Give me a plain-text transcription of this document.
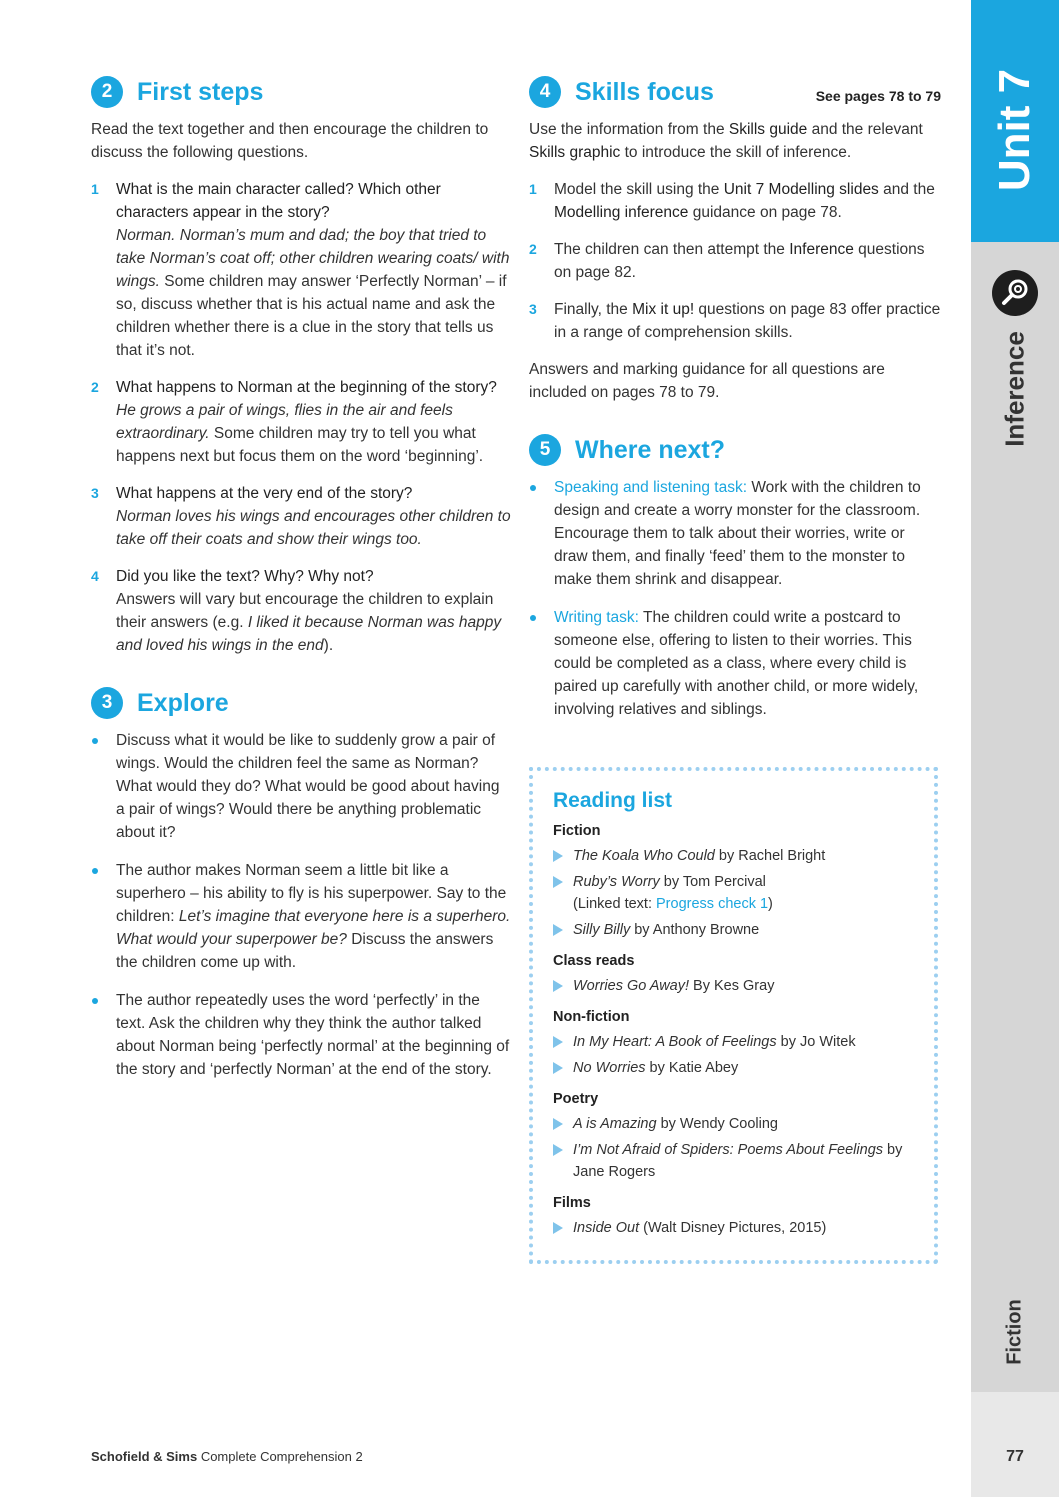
Unit 7
Inference
Fiction
77
2 First steps

Read the text together and then encourage the children to discuss the following questions.

1	What is the main character called? Which other characters appear in the story?
Norman. Norman’s mum and dad; the boy that tried to take Norman’s coat off; other children wearing coats/ with wings. Some children may answer ‘Perfectly Norman’ – if so, discuss whether that is his actual name and ask the children whether there is a clue in the story that tells us that it’s not.
2	What happens to Norman at the beginning of the story?
He grows a pair of wings, flies in the air and feels extraordinary. Some children may try to tell you what happens next but focus them on the word ‘beginning’.
3	What happens at the very end of the story?
Norman loves his wings and encourages other children to take off their coats and show their wings too.
4	Did you like the text? Why? Why not?
Answers will vary but encourage the children to explain their answers (e.g. I liked it because Norman was happy and loved his wings in the end).
3 Explore
Discuss what it would be like to suddenly grow a pair of wings. Would the children feel the same as Norman? What would they do? What would be good about having a pair of wings? Would there be anything problematic about it?
The author makes Norman seem a little bit like a superhero – his ability to fly is his superpower. Say to the children: Let’s imagine that everyone here is a superhero. What would your superpower be? Discuss the answers the children come up with.
The author repeatedly uses the word ‘perfectly’ in the text. Ask the children why they think the author talked about Norman being ‘perfectly normal’ at the beginning of the story and ‘perfectly Norman’ at the end of the story.
4 Skills focus	See pages 78 to 79

Use the information from the Skills guide and the relevant Skills graphic to introduce the skill of inference.

1	Model the skill using the Unit 7 Modelling slides and the Modelling inference guidance on page 78.
2	The children can then attempt the Inference questions on page 82.
3	Finally, the Mix it up! questions on page 83 offer practice in a range of comprehension skills.

Answers and marking guidance for all questions are included on pages 78 to 79.

5 Where next?
Speaking and listening task: Work with the children to design and create a worry monster for the classroom. Encourage them to talk about their worries, write or draw them, and finally ‘feed’ them to the monster to make them shrink and disappear.
Writing task: The children could write a postcard to someone else, offering to listen to their worries. This could be completed as a class, where every child is paired up carefully with another child, or more widely, involving relatives and siblings.
Reading list
Fiction
The Koala Who Could by Rachel Bright
Ruby’s Worry by Tom Percival
(Linked text: Progress check 1)
Silly Billy by Anthony Browne
Class reads
Worries Go Away! By Kes Gray
Non-fiction
In My Heart: A Book of Feelings by Jo Witek
No Worries by Katie Abey
Poetry
A is Amazing by Wendy Cooling
I’m Not Afraid of Spiders: Poems About Feelings by Jane Rogers
Films
Inside Out (Walt Disney Pictures, 2015)
Schofield & Sims Complete Comprehension 2
